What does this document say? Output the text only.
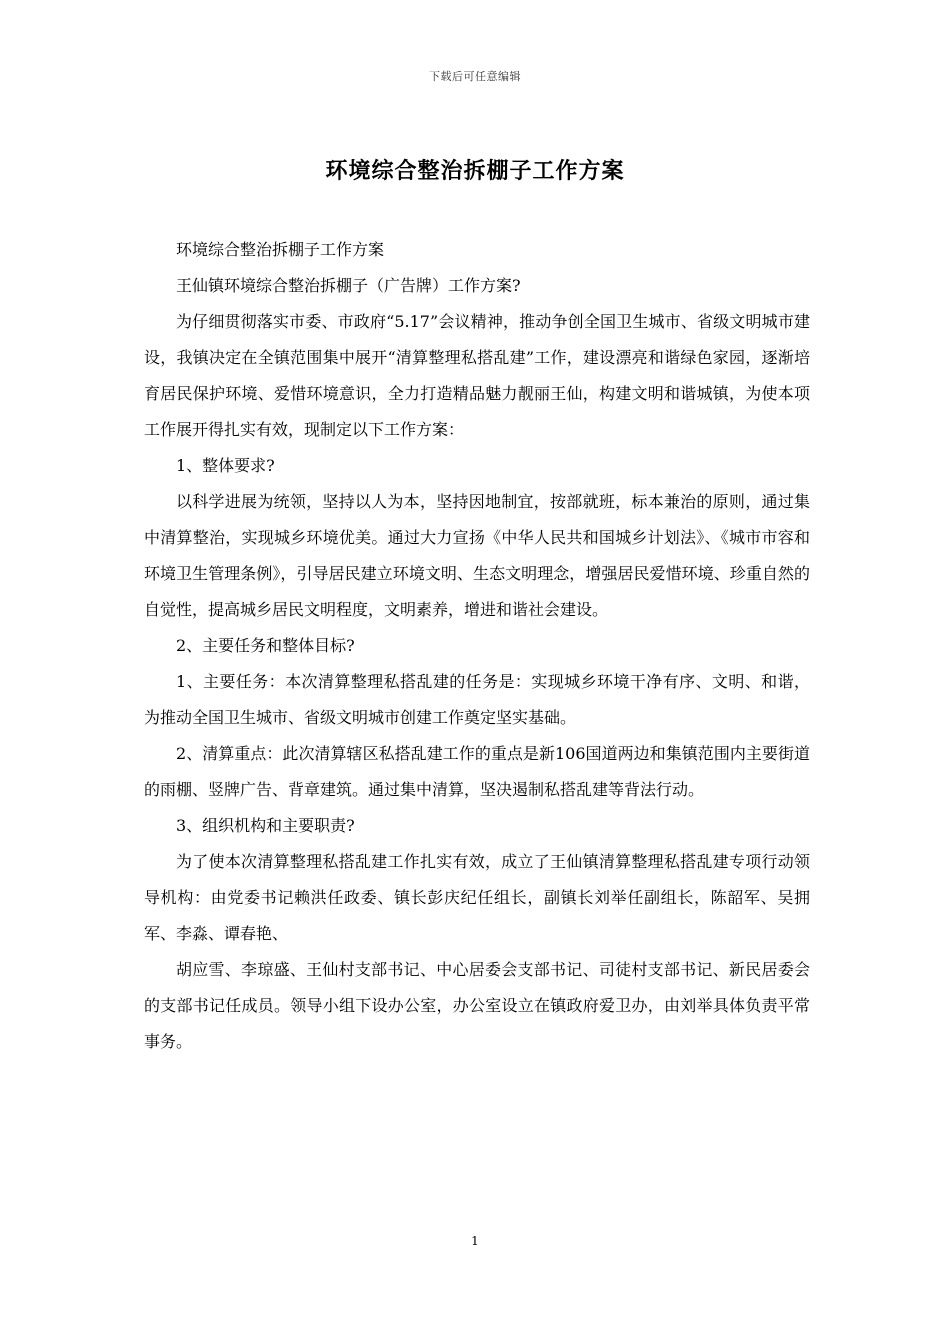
下载后可任意编辑
环境综合整治拆棚子工作方案

环境综合整治拆棚子工作方案

王仙镇环境综合整治拆棚子（广告牌）工作方案?

为仔细贯彻落实市委、市政府“5.17”会议精神，推动争创全国卫生城市、省级文明城市建设，我镇决定在全镇范围集中展开“清算整理私搭乱建”工作，建设漂亮和谐绿色家园，逐渐培育居民保护环境、爱惜环境意识，全力打造精品魅力靓丽王仙，构建文明和谐城镇，为使本项工作展开得扎实有效，现制定以下工作方案：

1、整体要求?

以科学进展为统领，坚持以人为本，坚持因地制宜，按部就班，标本兼治的原则，通过集中清算整治，实现城乡环境优美。通过大力宣扬《中华人民共和国城乡计划法》、《城市市容和环境卫生管理条例》，引导居民建立环境文明、生态文明理念，增强居民爱惜环境、珍重自然的自觉性，提高城乡居民文明程度，文明素养，增进和谐社会建设。

2、主要任务和整体目标?

1、主要任务：本次清算整理私搭乱建的任务是：实现城乡环境干净有序、文明、和谐，为推动全国卫生城市、省级文明城市创建工作奠定坚实基础。

2、清算重点：此次清算辖区私搭乱建工作的重点是新106国道两边和集镇范围内主要街道的雨棚、竖牌广告、背章建筑。通过集中清算，坚决遏制私搭乱建等背法行动。

3、组织机构和主要职责?

为了使本次清算整理私搭乱建工作扎实有效，成立了王仙镇清算整理私搭乱建专项行动领导机构：由党委书记赖洪任政委、镇长彭庆纪任组长，副镇长刘举任副组长，陈韶军、吴拥军、李淼、谭春艳、

胡应雪、李琼盛、王仙村支部书记、中心居委会支部书记、司徒村支部书记、新民居委会的支部书记任成员。领导小组下设办公室，办公室设立在镇政府爱卫办，由刘举具体负责平常事务。

1
